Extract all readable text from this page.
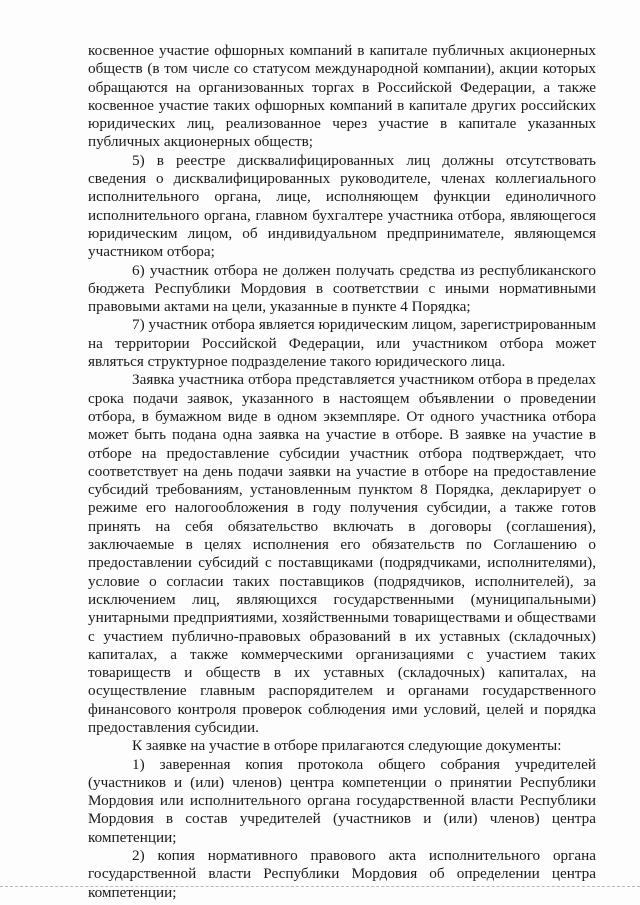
косвенное участие офшорных компаний в капитале публичных акционерных обществ (в том числе со статусом международной компании), акции которых обращаются на организованных торгах в Российской Федерации, а также косвенное участие таких офшорных компаний в капитале других российских юридических лиц, реализованное через участие в капитале указанных публичных акционерных обществ;

5) в реестре дисквалифицированных лиц должны отсутствовать сведения о дисквалифицированных руководителе, членах коллегиального исполнительного органа, лице, исполняющем функции единоличного исполнительного органа, главном бухгалтере участника отбора, являющегося юридическим лицом, об индивидуальном предпринимателе, являющемся участником отбора;

6) участник отбора не должен получать средства из республиканского бюджета Республики Мордовия в соответствии с иными нормативными правовыми актами на цели, указанные в пункте 4 Порядка;

7) участник отбора является юридическим лицом, зарегистрированным на территории Российской Федерации, или участником отбора может являться структурное подразделение такого юридического лица.

Заявка участника отбора представляется участником отбора в пределах срока подачи заявок, указанного в настоящем объявлении о проведении отбора, в бумажном виде в одном экземпляре. От одного участника отбора может быть подана одна заявка на участие в отборе. В заявке на участие в отборе на предоставление субсидии участник отбора подтверждает, что соответствует на день подачи заявки на участие в отборе на предоставление субсидий требованиям, установленным пунктом 8 Порядка, декларирует о режиме его налогообложения в году получения субсидии, а также готов принять на себя обязательство включать в договоры (соглашения), заключаемые в целях исполнения его обязательств по Соглашению о предоставлении субсидий с поставщиками (подрядчиками, исполнителями), условие о согласии таких поставщиков (подрядчиков, исполнителей), за исключением лиц, являющихся государственными (муниципальными) унитарными предприятиями, хозяйственными товариществами и обществами с участием публично-правовых образований в их уставных (складочных) капиталах, а также коммерческими организациями с участием таких товариществ и обществ в их уставных (складочных) капиталах, на осуществление главным распорядителем и органами государственного финансового контроля проверок соблюдения ими условий, целей и порядка предоставления субсидии.

К заявке на участие в отборе прилагаются следующие документы:

1) заверенная копия протокола общего собрания учредителей (участников и (или) членов) центра компетенции о принятии Республики Мордовия или исполнительного органа государственной власти Республики Мордовия в состав учредителей (участников и (или) членов) центра компетенции;

2) копия нормативного правового акта исполнительного органа государственной власти Республики Мордовия об определении центра компетенции;
